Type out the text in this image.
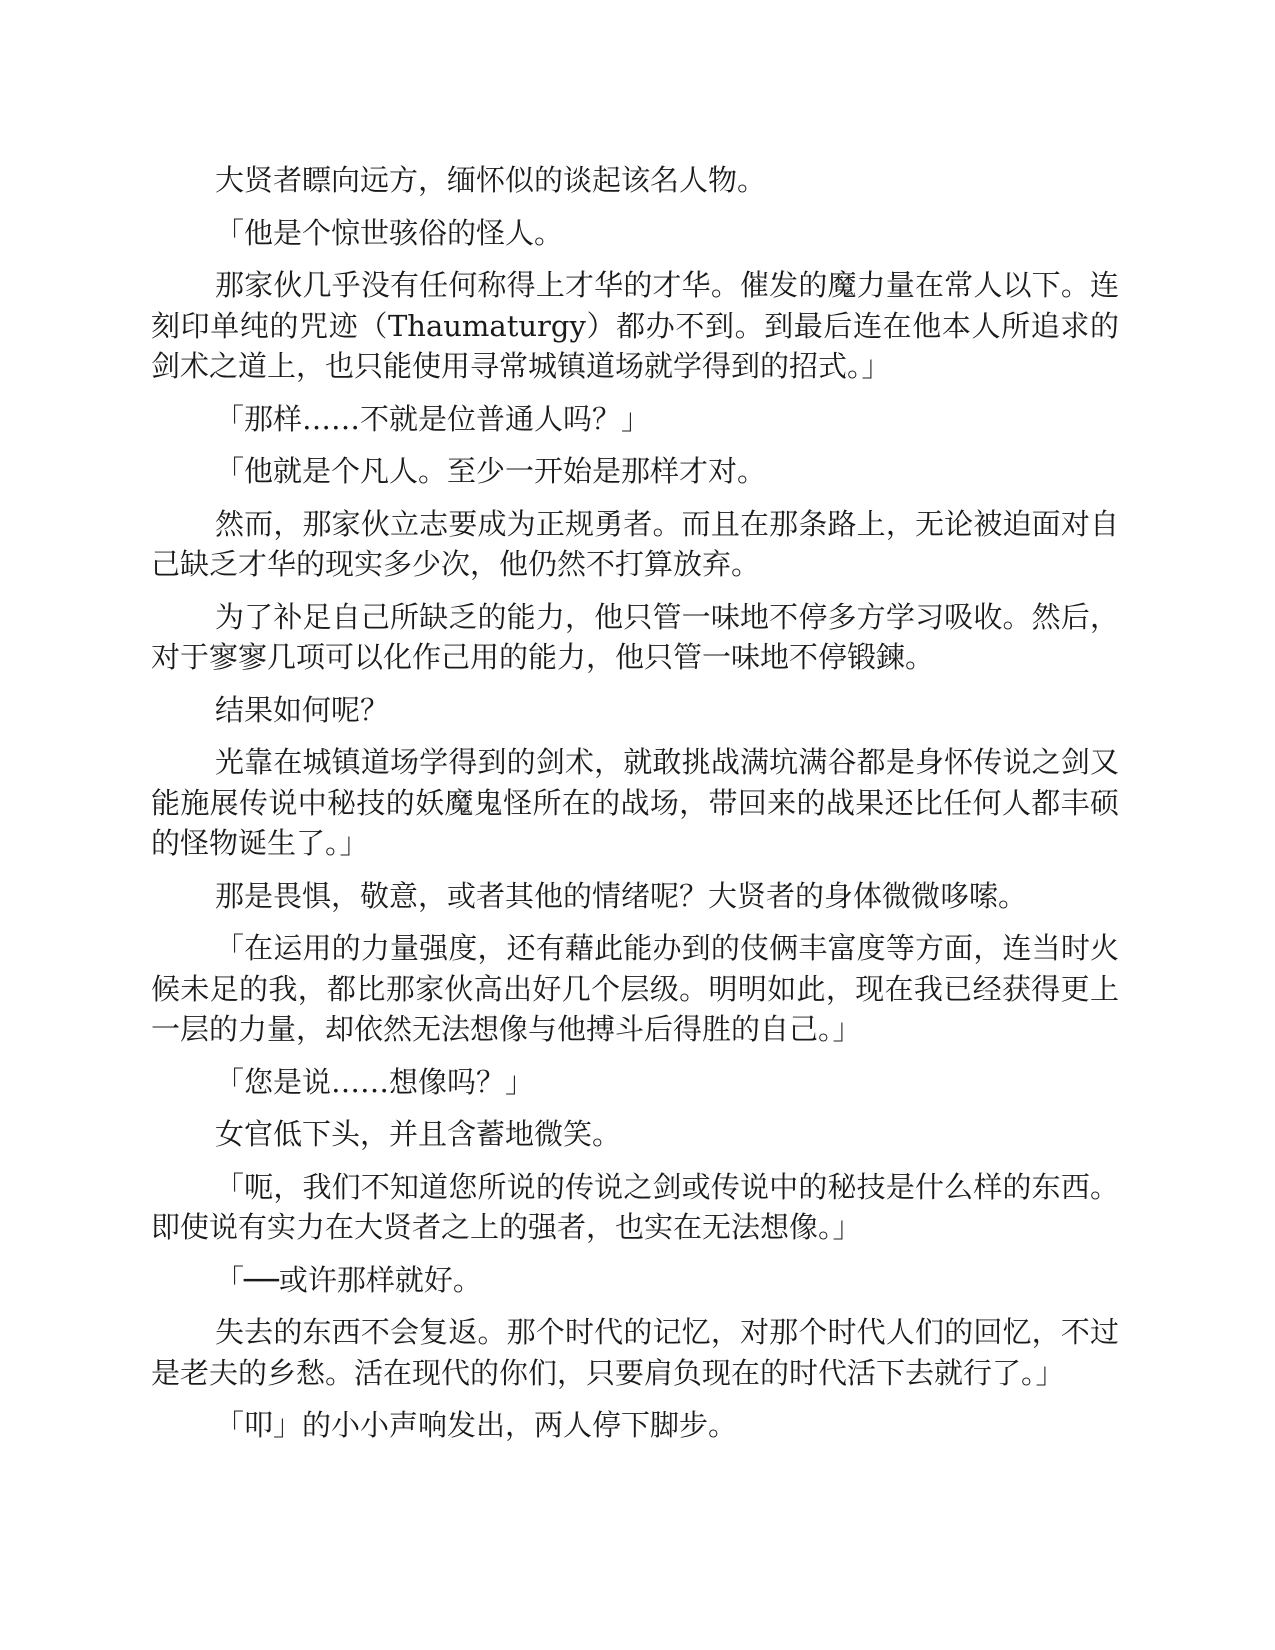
大贤者瞟向远方，缅怀似的谈起该名人物。

「他是个惊世骇俗的怪人。

那家伙几乎没有任何称得上才华的才华。催发的魔力量在常人以下。连刻印单纯的咒迹（Thaumaturgy）都办不到。到最后连在他本人所追求的剑术之道上，也只能使用寻常城镇道场就学得到的招式。」

「那样……不就是位普通人吗？」

「他就是个凡人。至少一开始是那样才对。

然而，那家伙立志要成为正规勇者。而且在那条路上，无论被迫面对自己缺乏才华的现实多少次，他仍然不打算放弃。

为了补足自己所缺乏的能力，他只管一味地不停多方学习吸收。然后，对于寥寥几项可以化作己用的能力，他只管一味地不停锻鍊。

结果如何呢？

光靠在城镇道场学得到的剑术，就敢挑战满坑满谷都是身怀传说之剑又能施展传说中秘技的妖魔鬼怪所在的战场，带回来的战果还比任何人都丰硕的怪物诞生了。」

那是畏惧，敬意，或者其他的情绪呢？大贤者的身体微微哆嗦。

「在运用的力量强度，还有藉此能办到的伎俩丰富度等方面，连当时火候未足的我，都比那家伙高出好几个层级。明明如此，现在我已经获得更上一层的力量，却依然无法想像与他搏斗后得胜的自己。」

「您是说……想像吗？」

女官低下头，并且含蓄地微笑。

「呃，我们不知道您所说的传说之剑或传说中的秘技是什么样的东西。即使说有实力在大贤者之上的强者，也实在无法想像。」

「──或许那样就好。

失去的东西不会复返。那个时代的记忆，对那个时代人们的回忆，不过是老夫的乡愁。活在现代的你们，只要肩负现在的时代活下去就行了。」

「叩」的小小声响发出，两人停下脚步。
